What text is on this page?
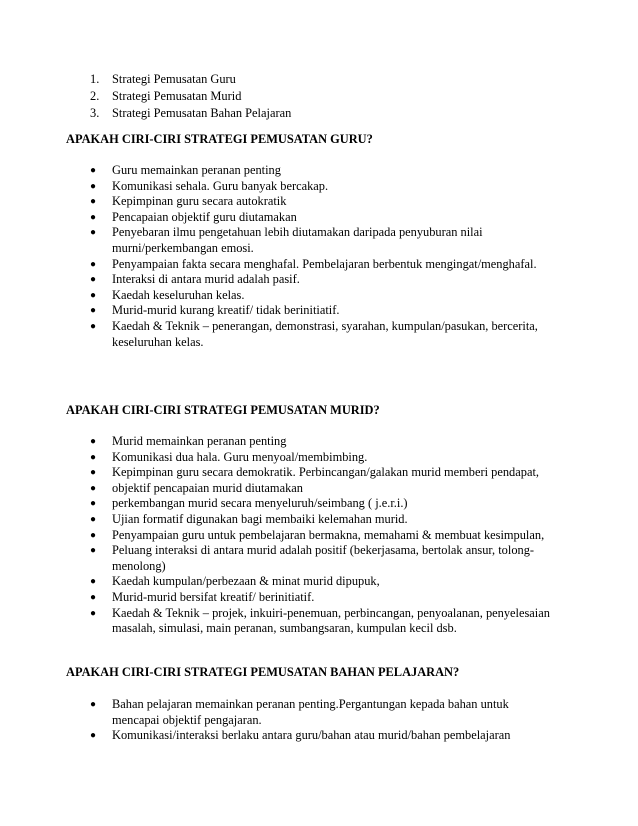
1.	Strategi Pemusatan Guru
2.	Strategi Pemusatan Murid
3.	Strategi Pemusatan Bahan Pelajaran
APAKAH CIRI-CIRI STRATEGI PEMUSATAN GURU?
● Guru memainkan peranan penting
● Komunikasi sehala. Guru banyak bercakap.
● Kepimpinan guru secara autokratik
● Pencapaian objektif guru diutamakan
● Penyebaran ilmu pengetahuan lebih diutamakan daripada penyuburan nilai murni/perkembangan emosi.
● Penyampaian fakta secara menghafal. Pembelajaran berbentuk mengingat/menghafal.
● Interaksi di antara murid adalah pasif.
● Kaedah keseluruhan kelas.
● Murid-murid kurang kreatif/ tidak berinitiatif.
● Kaedah & Teknik – penerangan, demonstrasi, syarahan, kumpulan/pasukan, bercerita, keseluruhan kelas.
APAKAH CIRI-CIRI STRATEGI PEMUSATAN MURID?
● Murid memainkan peranan penting
● Komunikasi dua hala. Guru menyoal/membimbing.
● Kepimpinan guru secara demokratik. Perbincangan/galakan murid memberi pendapat,
● objektif pencapaian murid diutamakan
● perkembangan murid secara menyeluruh/seimbang ( j.e.r.i.)
● Ujian formatif digunakan bagi membaiki kelemahan murid.
● Penyampaian guru untuk pembelajaran bermakna, memahami & membuat kesimpulan,
● Peluang interaksi di antara murid adalah positif (bekerjasama, bertolak ansur, tolong-menolong)
● Kaedah kumpulan/perbezaan & minat murid dipupuk,
● Murid-murid bersifat kreatif/ berinitiatif.
● Kaedah & Teknik – projek, inkuiri-penemuan, perbincangan, penyoalanan, penyelesaian masalah, simulasi, main peranan, sumbangsaran, kumpulan kecil dsb.
APAKAH CIRI-CIRI STRATEGI PEMUSATAN BAHAN PELAJARAN?
● Bahan pelajaran memainkan peranan penting.Pergantungan kepada bahan untuk mencapai objektif pengajaran.
● Komunikasi/interaksi berlaku antara guru/bahan atau murid/bahan pembelajaran
